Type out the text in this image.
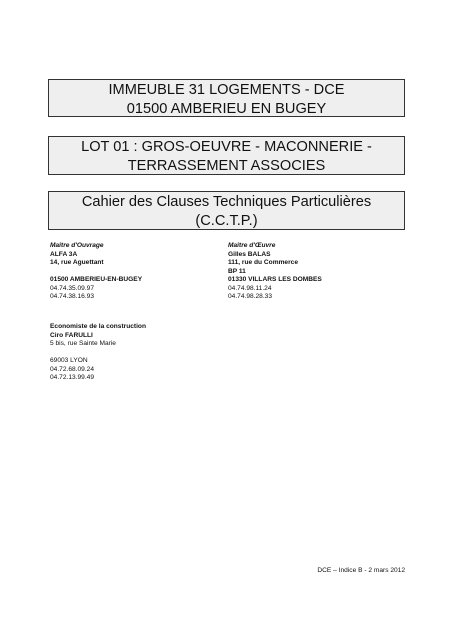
IMMEUBLE 31 LOGEMENTS - DCE
01500 AMBERIEU EN BUGEY
LOT 01 : GROS-OEUVRE - MACONNERIE -
TERRASSEMENT ASSOCIES
Cahier des Clauses Techniques Particulières
(C.C.T.P.)
Maître d'Ouvrage
ALFA 3A
14, rue Aguettant
01500 AMBERIEU-EN-BUGEY
04.74.35.09.97
04.74.38.16.93
Maître d'Œuvre
Gilles BALAS
111, rue du Commerce
BP 11
01330 VILLARS LES DOMBES
04.74.98.11.24
04.74.98.28.33
Economiste de la construction
Ciro FARULLI
5 bis, rue Sainte Marie
69003 LYON
04.72.68.09.24
04.72.13.99.49
DCE – Indice B - 2 mars 2012
